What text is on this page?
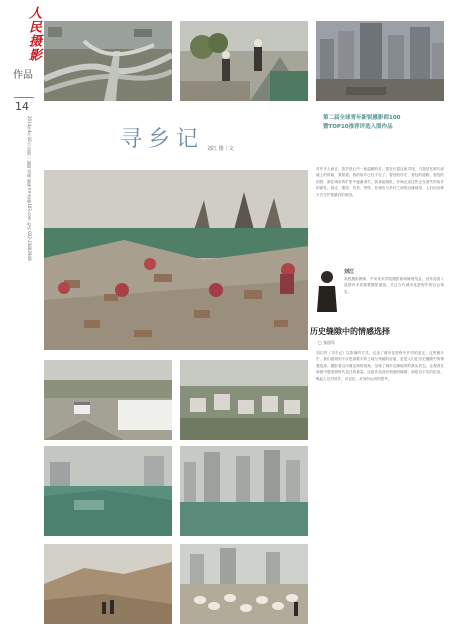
人民摄影
作品
14
2014年4月16日 星期三 编辑 刘瑾 邮箱 lrmsy@163.com 电话 022-23602949	寻乡记 刘江 图｜文
第二届全球青年新锐摄影师100
暨TOP10推荐评选入围作品
对许多人而言，故乡是心中一座温暖的灯。我在长春这座寻找，当我站在那片废墟上的时候，我知道，我的故乡已经不在了。曾经的村庄、曾经的道路、曾经的田野，都在城市的扩张中逐渐消失。我拿起相机，开始记录这些正在消失的故乡的面孔。拆迁、建设、荒芜、等待，在城市与乡村之间的边缘地带，人们用各种方式守护着最后的家园。
刘江
高校摄影教师，中央美术学院摄影系研修班结业。其作品曾入选国内多项重要摄影展览，关注当代城市化进程中的社会现实。
历史缝隙中的情感选择
□ 张国军
刘江的《寻乡记》以影像的方式，记录了城市化进程中乡村的变迁。这些照片中，我们看到的不仅是被推平的土地与残破的房屋，更是人们在历史缝隙中的情感选择。摄影者以冷静克制的视角，呈现了城市边缘地带的真实状态，让观者在画面中感受到时代变迁的重量。这组作品没有刻意的煽情，而是以平实的纪录，唤起人们对故乡、对记忆、对身份认同的思考。
